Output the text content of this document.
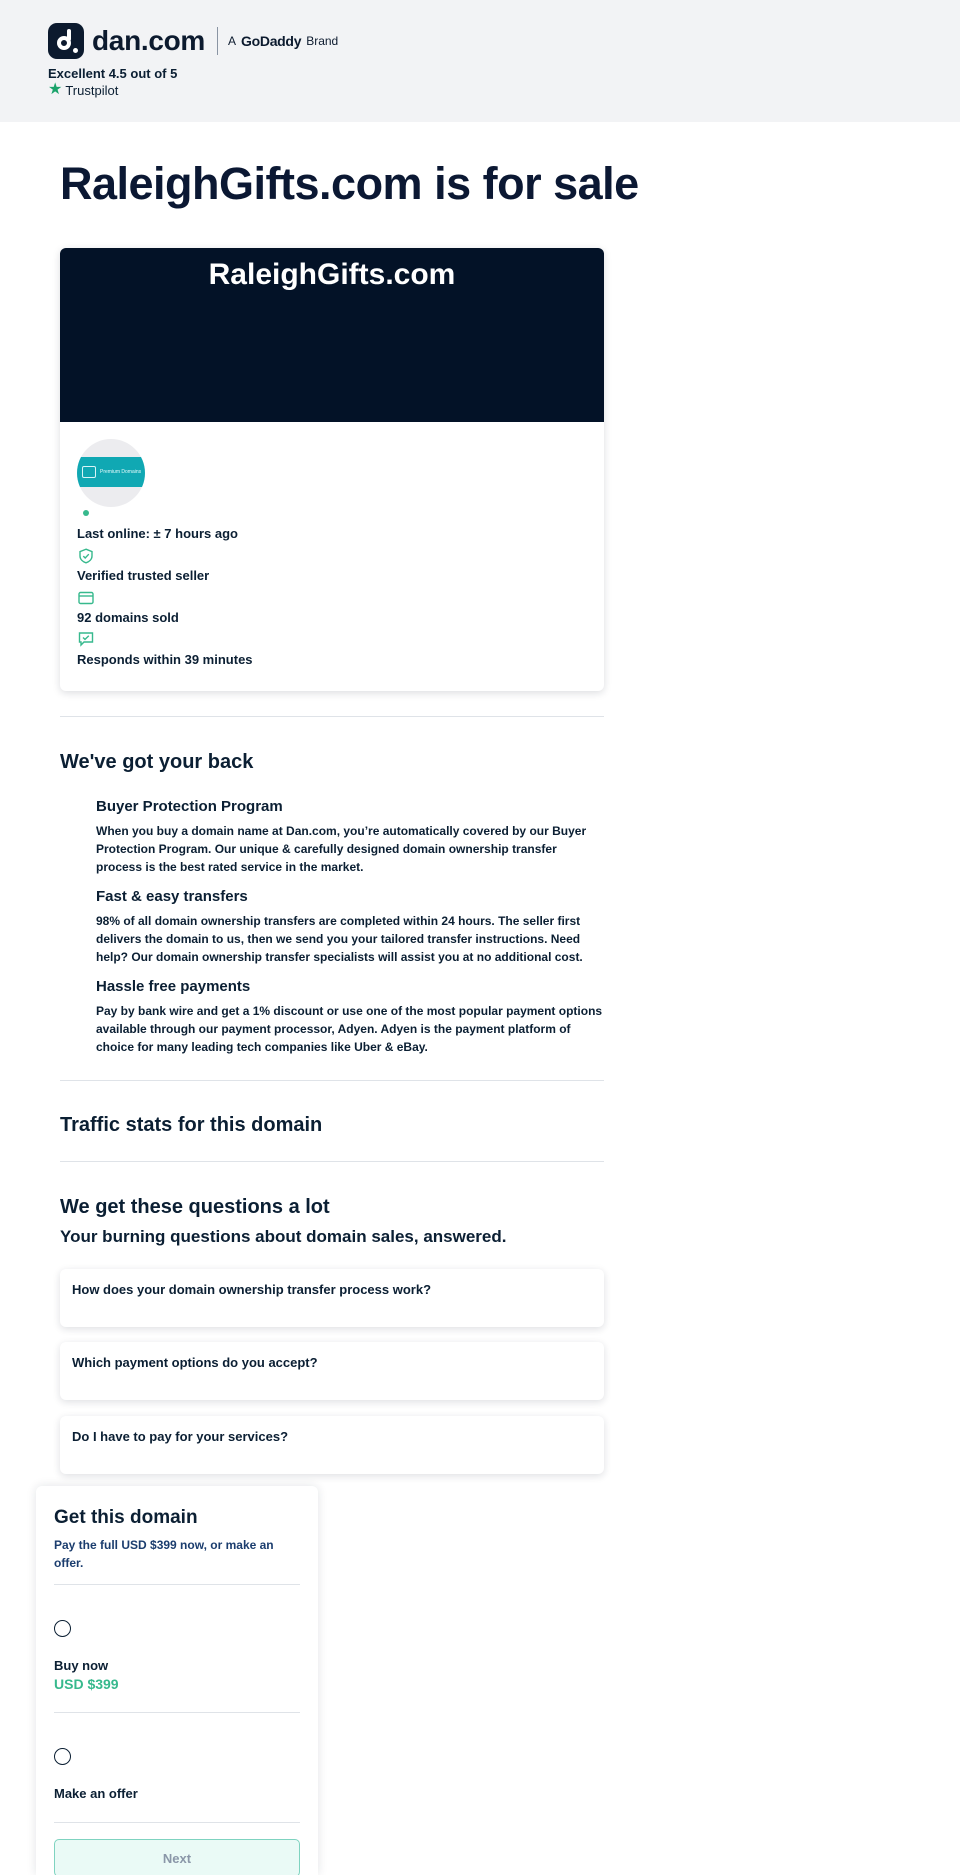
dan.com A GoDaddy Brand
Excellent 4.5 out of 5
★ Trustpilot
RaleighGifts.com is for sale
RaleighGifts.com
Premium Domains
Last online: ± 7 hours ago
Verified trusted seller
92 domains sold
Responds within 39 minutes
We've got your back
Buyer Protection Program

When you buy a domain name at Dan.com, you’re automatically covered by our Buyer Protection Program. Our unique & carefully designed domain ownership transfer process is the best rated service in the market.

Fast & easy transfers

98% of all domain ownership transfers are completed within 24 hours. The seller first delivers the domain to us, then we send you your tailored transfer instructions. Need help? Our domain ownership transfer specialists will assist you at no additional cost.

Hassle free payments

Pay by bank wire and get a 1% discount or use one of the most popular payment options available through our payment processor, Adyen. Adyen is the payment platform of choice for many leading tech companies like Uber & eBay.

Traffic stats for this domain
We get these questions a lot
Your burning questions about domain sales, answered.
How does your domain ownership transfer process work?
Which payment options do you accept?
Do I have to pay for your services?
Get this domain
Pay the full USD $399 now, or make an offer.
Buy now
USD $399
Make an offer
Next
